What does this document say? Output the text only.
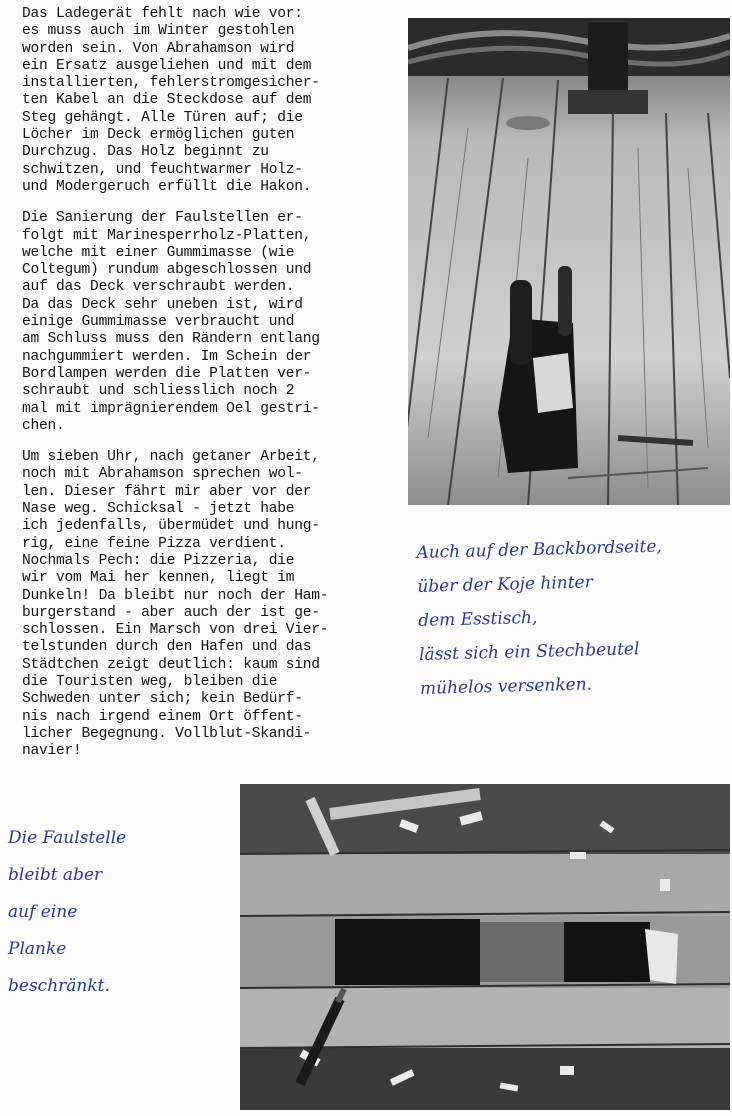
Das Ladegerät fehlt nach wie vor:
es muss auch im Winter gestohlen
worden sein. Von Abrahamson wird
ein Ersatz ausgeliehen und mit dem
installierten, fehlerstromgesicher-
ten Kabel an die Steckdose auf dem
Steg gehängt. Alle Türen auf; die
Löcher im Deck ermöglichen guten
Durchzug. Das Holz beginnt zu
schwitzen, und feuchtwarmer Holz-
und Modergeruch erfüllt die Hakon.

Die Sanierung der Faulstellen er-
folgt mit Marinesperrholz-Platten,
welche mit einer Gummimasse (wie
Coltegum) rundum abgeschlossen und
auf das Deck verschraubt werden.
Da das Deck sehr uneben ist, wird
einige Gummimasse verbraucht und
am Schluss muss den Rändern entlang
nachgummiert werden. Im Schein der
Bordlampen werden die Platten ver-
schraubt und schliesslich noch 2
mal mit imprägnierendem Oel gestri-
chen.

Um sieben Uhr, nach getaner Arbeit,
noch mit Abrahamson sprechen wol-
len. Dieser fährt mir aber vor der
Nase weg. Schicksal - jetzt habe
ich jedenfalls, übermüdet und hung-
rig, eine feine Pizza verdient.
Nochmals Pech: die Pizzeria, die
wir vom Mai her kennen, liegt im
Dunkeln! Da bleibt nur noch der Ham-
burgerstand - aber auch der ist ge-
schlossen. Ein Marsch von drei Vier-
telstunden durch den Hafen und das
Städtchen zeigt deutlich: kaum sind
die Touristen weg, bleiben die
Schweden unter sich; kein Bedürf-
nis nach irgend einem Ort öffent-
licher Begegnung. Vollblut-Skandi-
navier!

Auch auf der Backbordseite,
über der Koje hinter
dem Esstisch,
lässt sich ein Stechbeutel
mühelos versenken.
Die Faulstelle
bleibt aber
auf eine
Planke
beschränkt.
